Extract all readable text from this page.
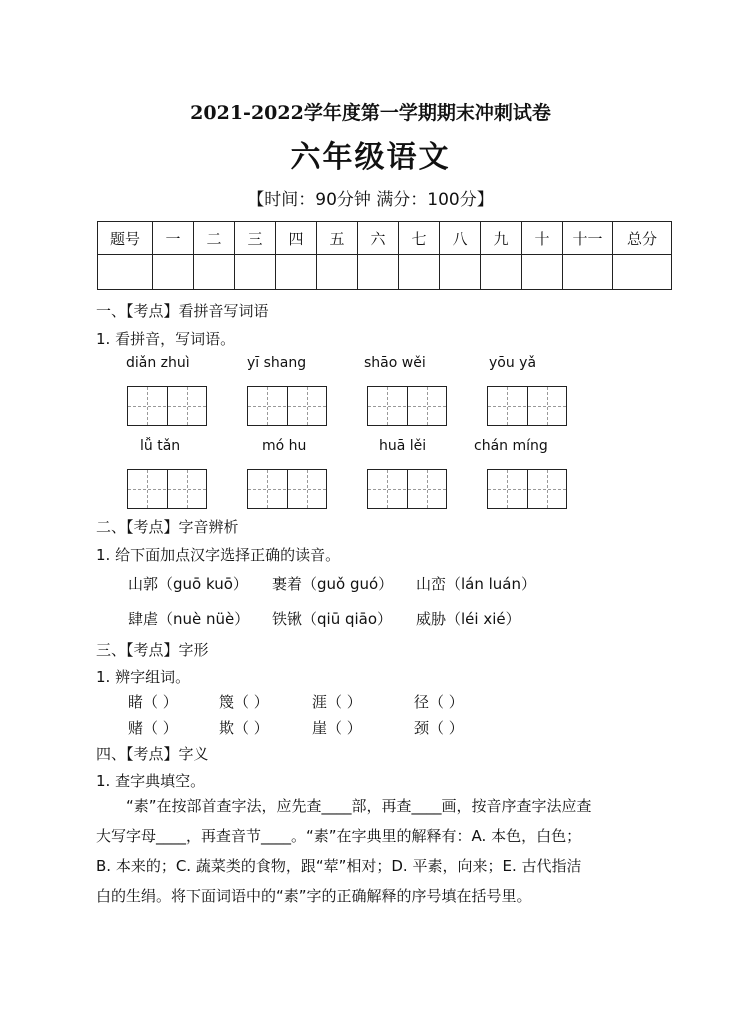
2021-2022学年度第一学期期末冲刺试卷
六年级语文
【时间：90分钟 满分：100分】
题号	一	二	三	四	五	六	七	八	九	十	十一	总分

一、【考点】看拼音写词语
1. 看拼音，写词语。
diǎn zhuì	yī shang	shāo wěi	yōu yǎ
lǚ tǎn	mó hu	huā lěi	chán míng
二、【考点】字音辨析
1. 给下面加点汉字选择正确的读音。
山郭（guō kuō） 裹着（guǒ guó） 山峦（lán luán）
肆虐（nuè nüè） 铁锹（qiū qiāo） 威胁（léi xié）
三、【考点】字形
1. 辨字组词。
睹（ ）	篾（ ）	涯（ ）	径（ ）
赌（ ）	欺（ ）	崖（ ）	颈（ ）
四、【考点】字义
1. 查字典填空。
“素”在按部首查字法，应先查____部，再查____画，按音序查字法应查
大写字母____，再查音节____。“素”在字典里的解释有：A. 本色，白色；
B. 本来的；C. 蔬菜类的食物，跟“荤”相对；D. 平素，向来；E. 古代指洁
白的生绢。将下面词语中的“素”字的正确解释的序号填在括号里。
